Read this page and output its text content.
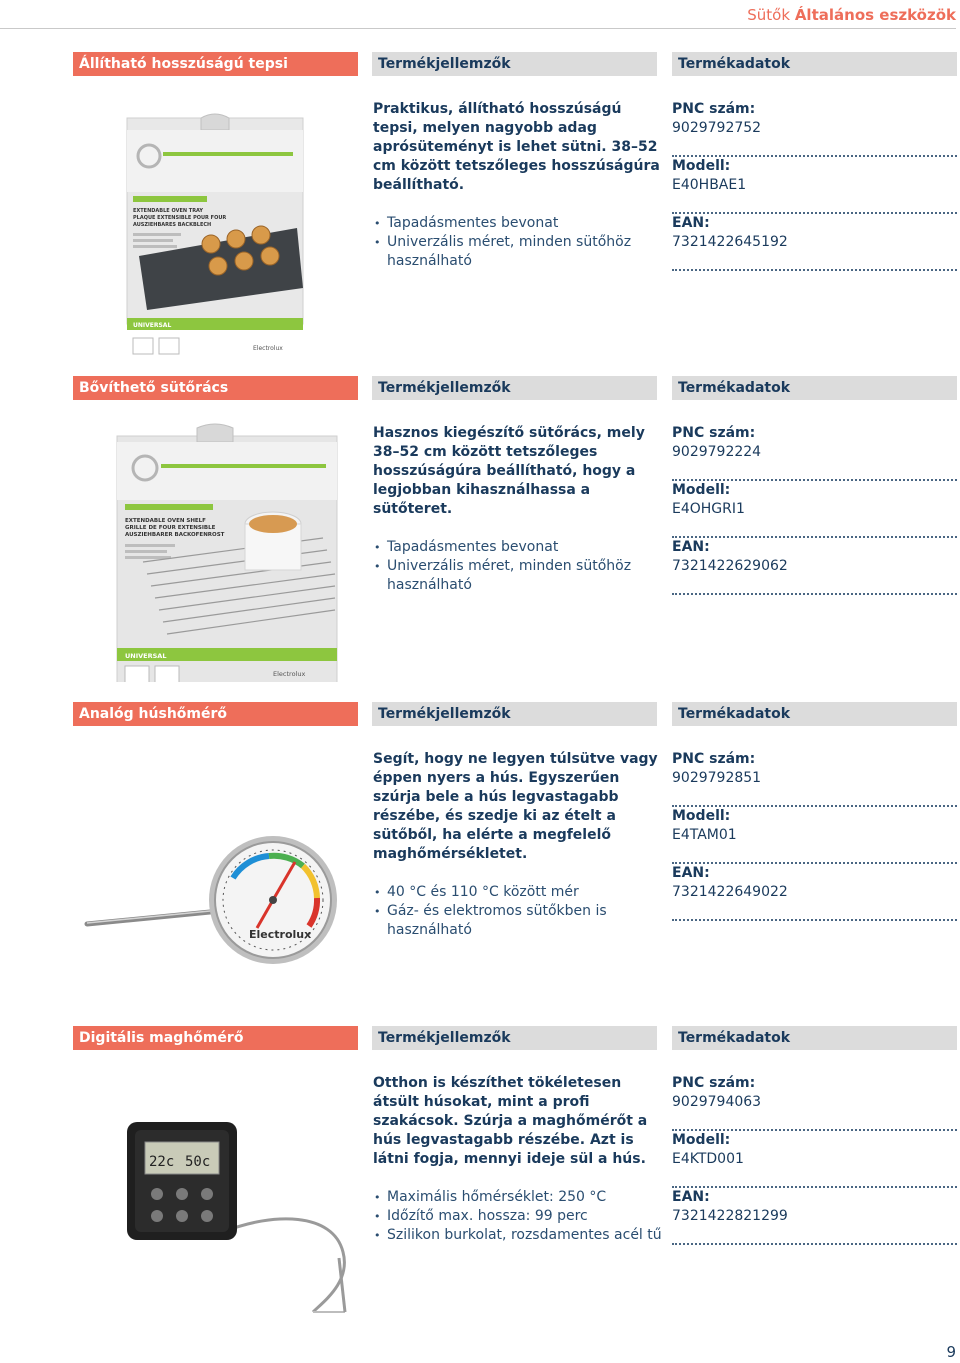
Sütők Általános eszközök
Állítható hosszúságú tepsi	Termékjellemzők	Termékadatok
EXTENDABLE OVEN TRAY
PLAQUE EXTENSIBLE POUR FOUR
AUSZIEHBARES BACKBLECH
UNIVERSAL
Electrolux

Praktikus, állítható hosszúságú tepsi, melyen nagyobb adag aprósüteményt is lehet sütni. 38–52 cm között tetszőleges hosszúságúra beállítható.

• Tapadásmentes bevonat
• Univerzális méret, minden sütőhöz használható
PNC szám:
9029792752
Modell:
E40HBAE1
EAN:
7321422645192
Bővíthető sütőrács	Termékjellemzők	Termékadatok
EXTENDABLE OVEN SHELF
GRILLE DE FOUR EXTENSIBLE
AUSZIEHBARER BACKOFENROST
UNIVERSAL
Electrolux

Hasznos kiegészítő sütőrács, mely 38–52 cm között tetszőleges hosszúságúra beállítható, hogy a legjobban kihasználhassa a sütőteret.

• Tapadásmentes bevonat
• Univerzális méret, minden sütőhöz használható
PNC szám:
9029792224
Modell:
E4OHGRI1
EAN:
7321422629062
Analóg húshőmérő	Termékjellemzők	Termékadatok
Electrolux

Segít, hogy ne legyen túlsütve vagy éppen nyers a hús. Egyszerűen szúrja bele a hús legvastagabb részébe, és szedje ki az ételt a sütőből, ha elérte a megfelelő maghőmérsékletet.

• 40 °C és 110 °C között mér
• Gáz- és elektromos sütőkben is használható
PNC szám:
9029792851
Modell:
E4TAM01
EAN:
7321422649022
Digitális maghőmérő	Termékjellemzők	Termékadatok
22c 50c

Otthon is készíthet tökéletesen átsült húsokat, mint a profi szakácsok. Szúrja a maghőmérőt a hús legvastagabb részébe. Azt is látni fogja, mennyi ideje sül a hús.

• Maximális hőmérséklet: 250 °C
• Időzítő max. hossza: 99 perc
• Szilikon burkolat, rozsdamentes acél tű
PNC szám:
9029794063
Modell:
E4KTD001
EAN:
7321422821299
9
